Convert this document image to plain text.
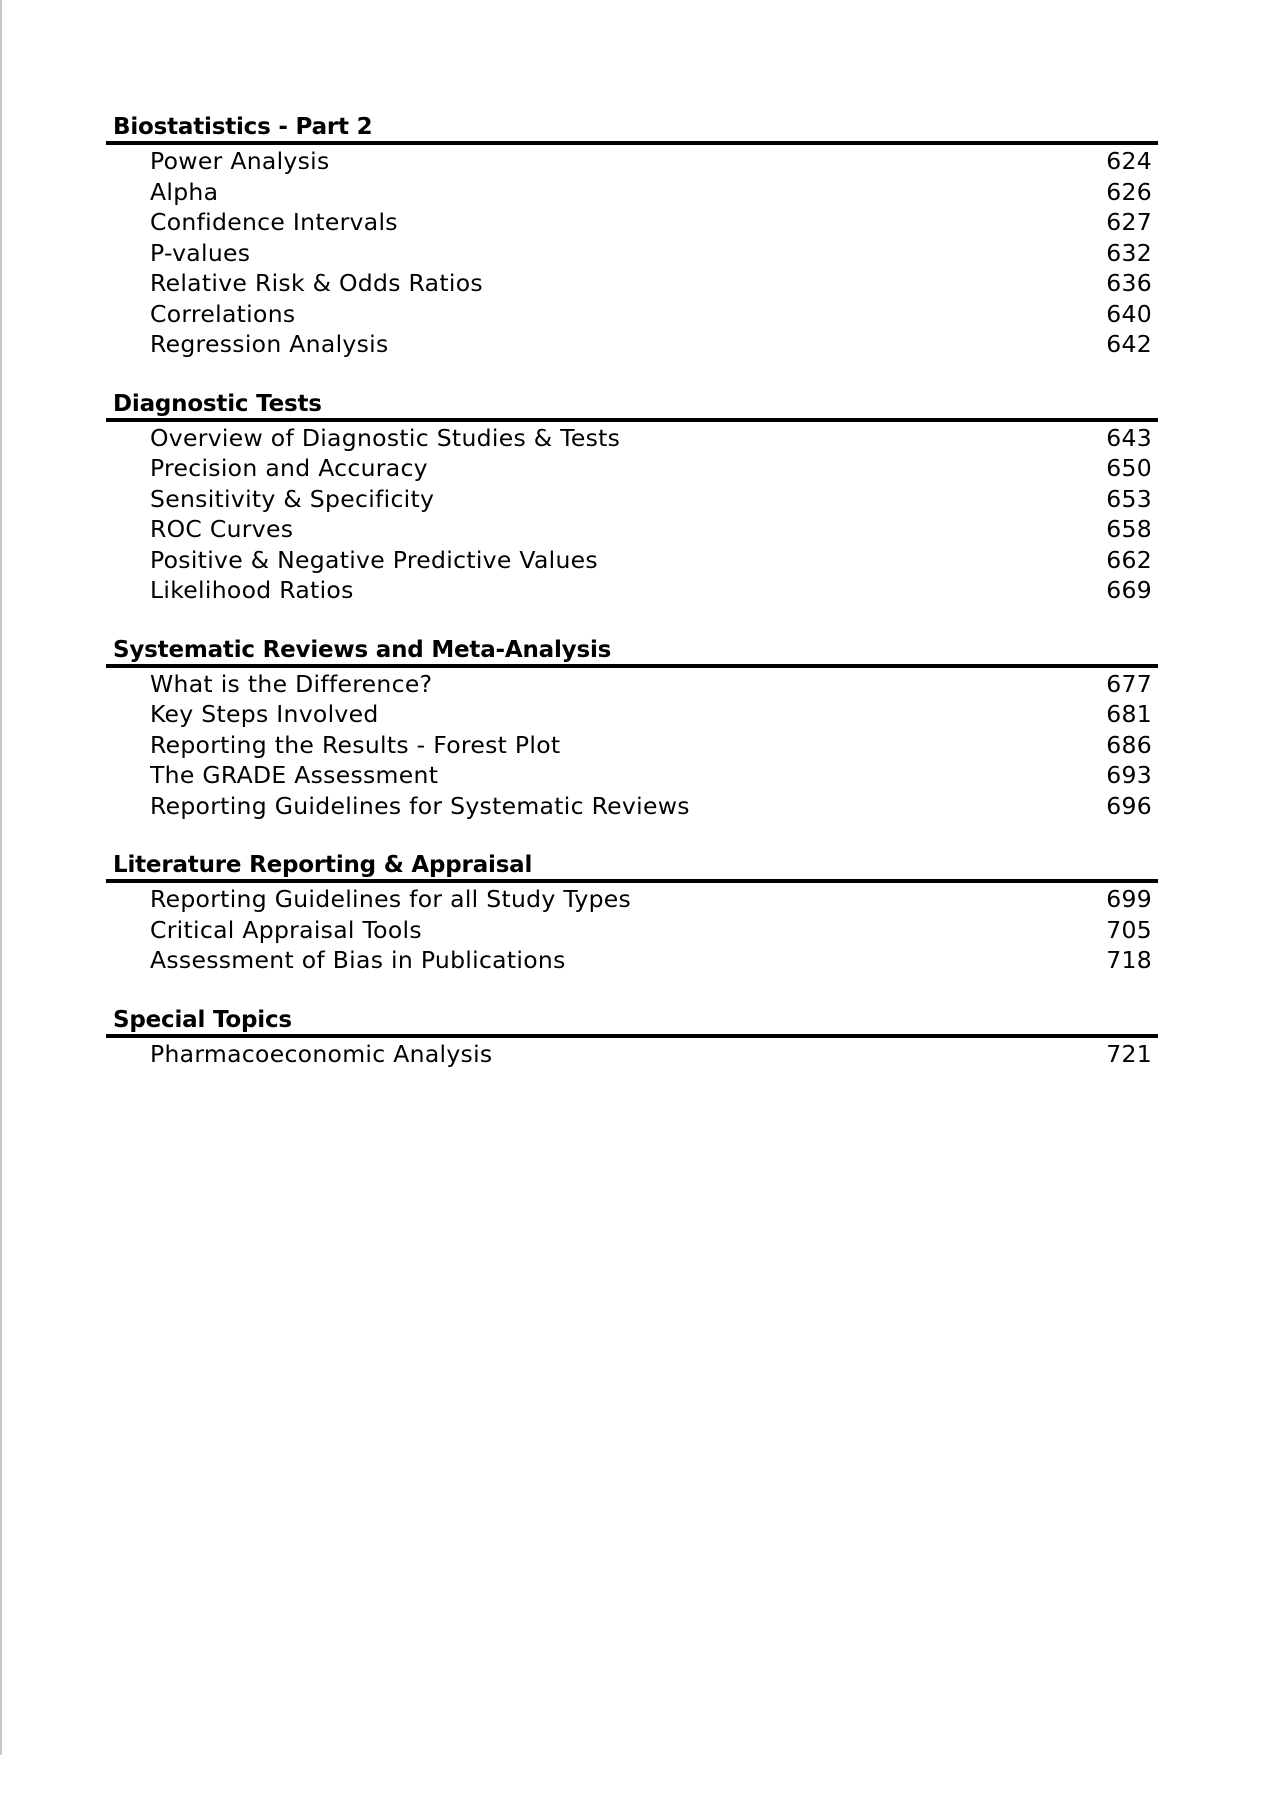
Biostatistics - Part 2
Power Analysis	624
Alpha	626
Confidence Intervals	627
P-values	632
Relative Risk & Odds Ratios	636
Correlations	640
Regression Analysis	642
Diagnostic Tests
Overview of Diagnostic Studies & Tests	643
Precision and Accuracy	650
Sensitivity & Specificity	653
ROC Curves	658
Positive & Negative Predictive Values	662
Likelihood Ratios	669
Systematic Reviews and Meta-Analysis
What is the Difference?	677
Key Steps Involved	681
Reporting the Results - Forest Plot	686
The GRADE Assessment	693
Reporting Guidelines for Systematic Reviews	696
Literature Reporting & Appraisal
Reporting Guidelines for all Study Types	699
Critical Appraisal Tools	705
Assessment of Bias in Publications	718
Special Topics
Pharmacoeconomic Analysis	721
